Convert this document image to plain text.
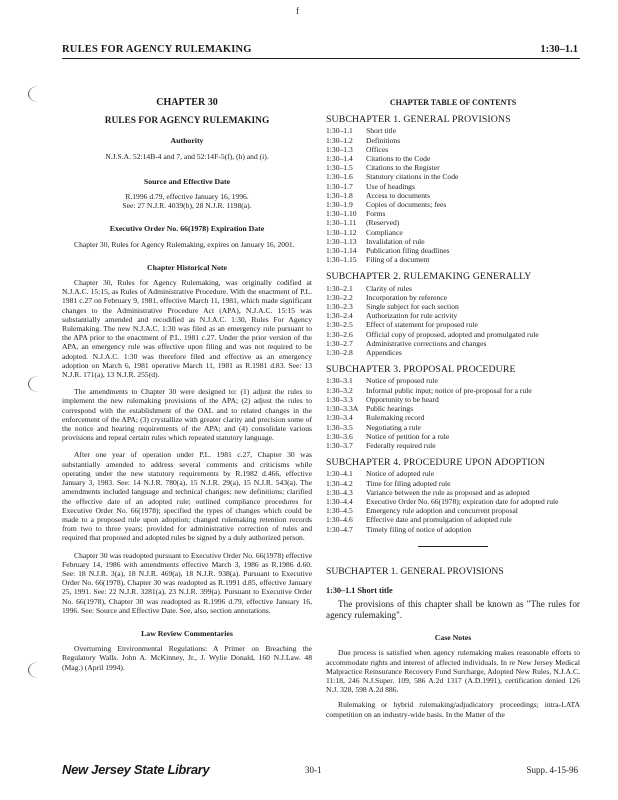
f
RULES FOR AGENCY RULEMAKING	1:30–1.1
CHAPTER 30
RULES FOR AGENCY RULEMAKING
Authority

N.J.S.A. 52:14B-4 and 7, and 52:14F-5(f), (h) and (i).

Source and Effective Date

R.1996 d.79, effective January 16, 1996.
See: 27 N.J.R. 4039(b), 28 N.J.R. 1198(a).

Executive Order No. 66(1978) Expiration Date

Chapter 30, Rules for Agency Rulemaking, expires on January 16, 2001.

Chapter Historical Note

Chapter 30, Rules for Agency Rulemaking, was originally codified at N.J.A.C. 15:15, as Rules of Administrative Procedure. With the enactment of P.L. 1981 c.27 on February 9, 1981, effective March 11, 1981, which made significant changes to the Administrative Procedure Act (APA), N.J.A.C. 15:15 was substantially amended and recodified as N.J.A.C. 1:30, Rules For Agency Rulemaking. The new N.J.A.C. 1:30 was filed as an emergency rule pursuant to the APA prior to the enactment of P.L. 1981 c.27. Under the prior version of the APA, an emergency rule was effective upon filing and was not required to be adopted. N.J.A.C. 1:30 was therefore filed and effective as an emergency adoption on March 6, 1981 operative March 11, 1981 as R.1981 d.83. See: 13 N.J.R. 171(a), 13 N.J.R. 255(d).

The amendments to Chapter 30 were designed to: (1) adjust the rules to implement the new rulemaking provisions of the APA; (2) adjust the rules to correspond with the establishment of the OAL and to related changes in the enforcement of the APA; (3) crystallize with greater clarity and precision some of the notice and hearing requirements of the APA; and (4) consolidate various provisions and repeal certain rules which repeated statutory language.

After one year of operation under P.L. 1981 c.27, Chapter 30 was substantially amended to address several comments and criticisms while operating under the new statutory requirements by R.1982 d.466, effective January 3, 1983. See: 14 N.J.R. 780(a), 15 N.J.R. 29(a), 15 N.J.R. 543(a). The amendments included language and technical changes; new definitions; clarified the effective date of an adopted rule; outlined compliance procedures for Executive Order No. 66(1978); specified the types of changes which could be made to a proposed rule upon adoption; changed rulemaking retention records from two to three years; provided for administrative correction of rules and required that proposed and adopted rules be signed by a duly authorized person.

Chapter 30 was readopted pursuant to Executive Order No. 66(1978) effective February 14, 1986 with amendments effective March 3, 1986 as R.1986 d.60. See: 18 N.J.R. 3(a), 18 N.J.R. 469(a), 18 N.J.R. 938(a). Pursuant to Executive Order No. 66(1978), Chapter 30 was readopted as R.1991 d.85, effective January 25, 1991. See: 22 N.J.R. 3281(a), 23 N.J.R. 399(a). Pursuant to Executive Order No. 66(1978), Chapter 30 was readopted as R.1996 d.79, effective January 16, 1996. See: Source and Effective Date. See, also, section annotations.

Law Review Commentaries

Overturning Environmental Regulations: A Primer on Breaching the Regulatory Walls. John A. McKinney, Jr., J. Wylie Donald, 160 N.J.Law. 48 (Mag.) (April 1994).

CHAPTER TABLE OF CONTENTS
SUBCHAPTER 1. GENERAL PROVISIONS
1:30–1.1	Short title
1:30–1.2	Definitions
1:30–1.3	Offices
1:30–1.4	Citations to the Code
1:30–1.5	Citations to the Register
1:30–1.6	Statutory citations in the Code
1:30–1.7	Use of headings
1:30–1.8	Access to documents
1:30–1.9	Copies of documents; fees
1:30–1.10	Forms
1:30–1.11	(Reserved)
1:30–1.12	Compliance
1:30–1.13	Invalidation of rule
1:30–1.14	Publication filing deadlines
1:30–1.15	Filing of a document
SUBCHAPTER 2. RULEMAKING GENERALLY
1:30–2.1	Clarity of rules
1:30–2.2	Incorporation by reference
1:30–2.3	Single subject for each section
1:30–2.4	Authorization for rule activity
1:30–2.5	Effect of statement for proposed rule
1:30–2.6	Official copy of proposed, adopted and promulgated rule
1:30–2.7	Administrative corrections and changes
1:30–2.8	Appendices
SUBCHAPTER 3. PROPOSAL PROCEDURE
1:30–3.1	Notice of proposed rule
1:30–3.2	Informal public input; notice of pre-proposal for a rule
1:30–3.3	Opportunity to be heard
1:30–3.3A	Public hearings
1:30–3.4	Rulemaking record
1:30–3.5	Negotiating a rule
1:30–3.6	Notice of petition for a rule
1:30–3.7	Federally required rule
SUBCHAPTER 4. PROCEDURE UPON ADOPTION
1:30–4.1	Notice of adopted rule
1:30–4.2	Time for filing adopted rule
1:30–4.3	Variance between the rule as proposed and as adopted
1:30–4.4	Executive Order No. 66(1978); expiration date for adopted rule
1:30–4.5	Emergency rule adoption and concurrent proposal
1:30–4.6	Effective date and promulgation of adopted rule
1:30–4.7	Timely filing of notice of adoption
SUBCHAPTER 1. GENERAL PROVISIONS
1:30–1.1 Short title

The provisions of this chapter shall be known as "The rules for agency rulemaking".

Case Notes

Due process is satisfied when agency rulemaking makes reasonable efforts to accommodate rights and interest of affected individuals. In re New Jersey Medical Malpractice Reinsurance Recovery Fund Surcharge, Adopted New Rules, N.J.A.C. 11:18, 246 N.J.Super. 109, 586 A.2d 1317 (A.D.1991), certification denied 126 N.J. 328, 598 A.2d 886.

Rulemaking or hybrid rulemaking/adjudicatory proceedings; intra-LATA competition on an industry-wide basis. In the Matter of the

New Jersey State Library	30-1	Supp. 4-15-96
